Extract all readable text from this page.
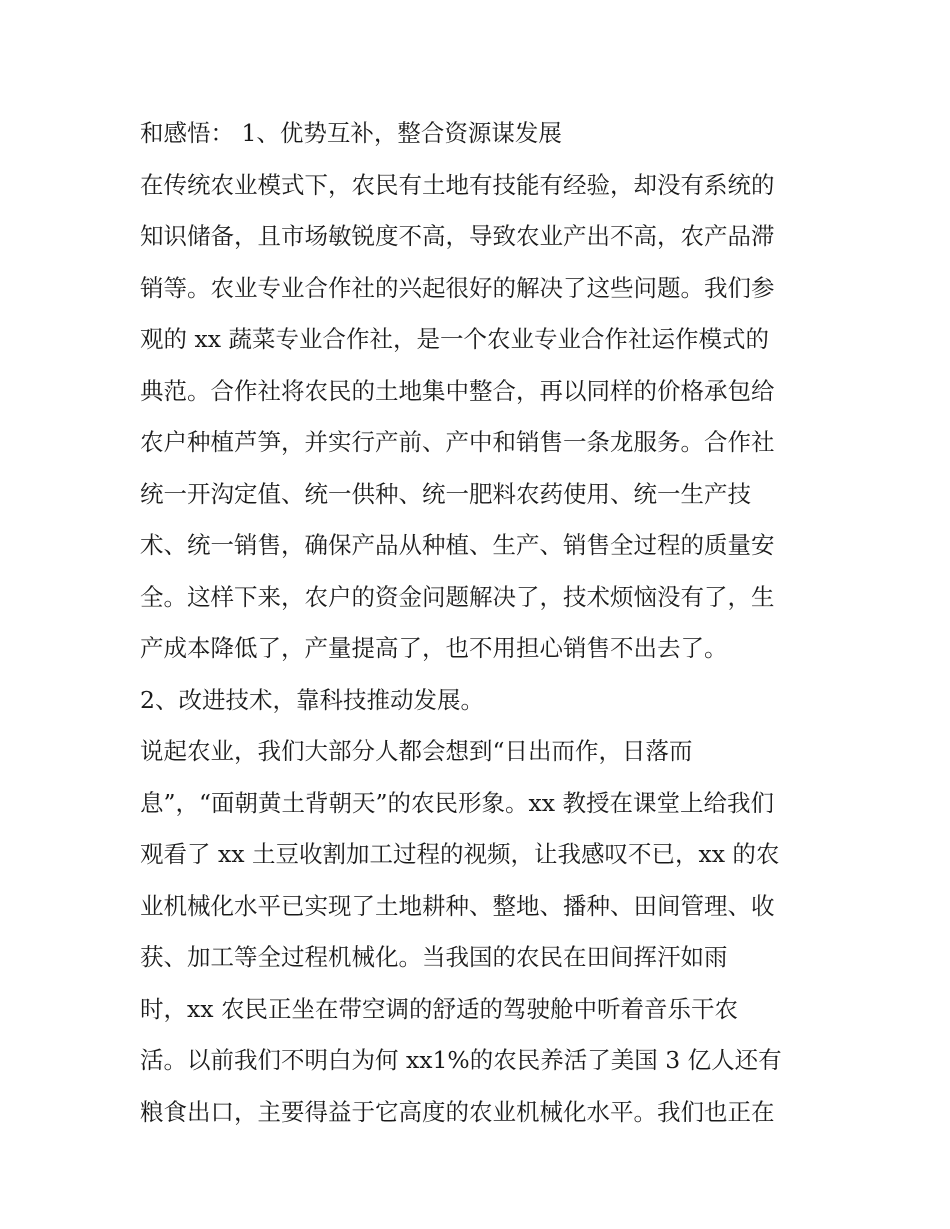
和感悟： 1、优势互补，整合资源谋发展
在传统农业模式下，农民有土地有技能有经验，却没有系统的
知识储备，且市场敏锐度不高，导致农业产出不高，农产品滞
销等。农业专业合作社的兴起很好的解决了这些问题。我们参
观的 xx 蔬菜专业合作社，是一个农业专业合作社运作模式的
典范。合作社将农民的土地集中整合，再以同样的价格承包给
农户种植芦笋，并实行产前、产中和销售一条龙服务。合作社
统一开沟定值、统一供种、统一肥料农药使用、统一生产技
术、统一销售，确保产品从种植、生产、销售全过程的质量安
全。这样下来，农户的资金问题解决了，技术烦恼没有了，生
产成本降低了，产量提高了，也不用担心销售不出去了。
2、改进技术，靠科技推动发展。
说起农业，我们大部分人都会想到“日出而作，日落而
息”，“面朝黄土背朝天”的农民形象。xx 教授在课堂上给我们
观看了 xx 土豆收割加工过程的视频，让我感叹不已，xx 的农
业机械化水平已实现了土地耕种、整地、播种、田间管理、收
获、加工等全过程机械化。当我国的农民在田间挥汗如雨
时，xx 农民正坐在带空调的舒适的驾驶舱中听着音乐干农
活。以前我们不明白为何 xx1%的农民养活了美国 3 亿人还有
粮食出口，主要得益于它高度的农业机械化水平。我们也正在
